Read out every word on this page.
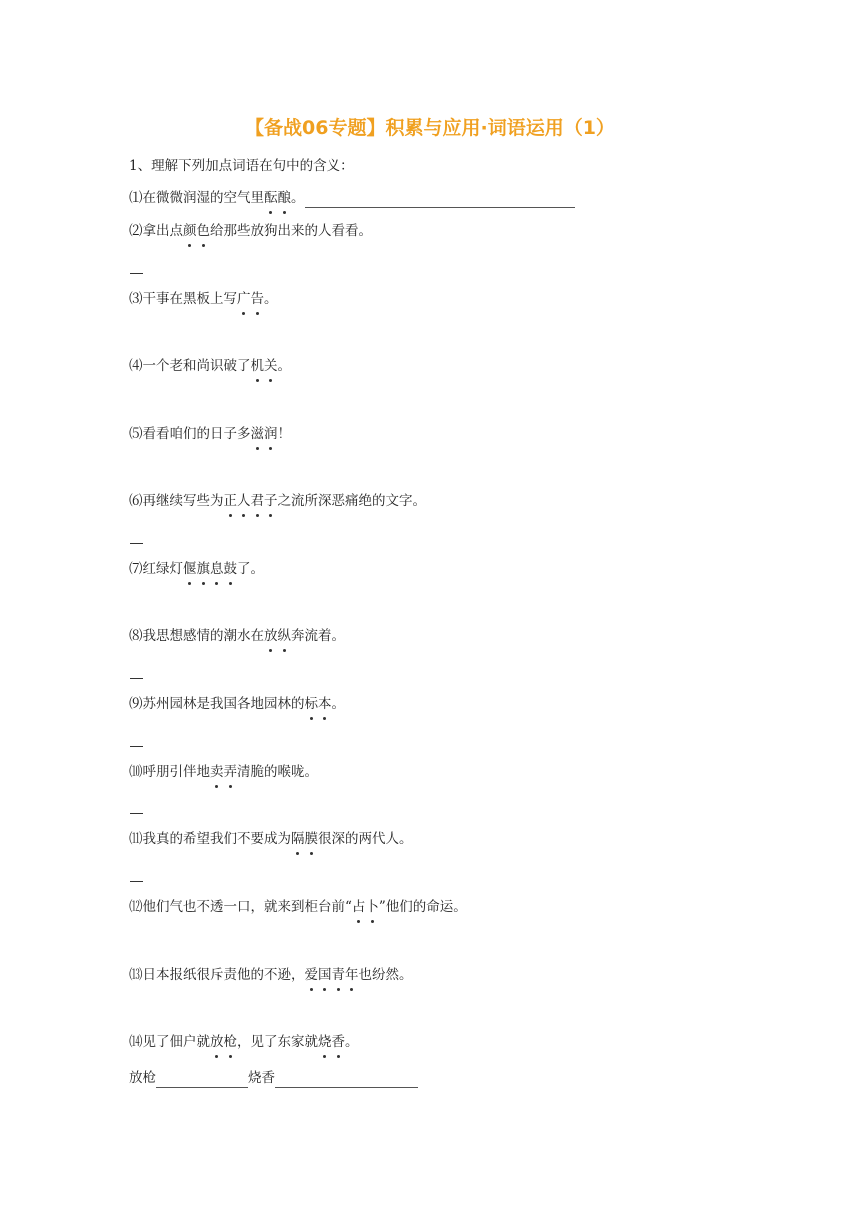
【备战06专题】积累与应用·词语运用（1）
1、理解下列加点词语在句中的含义：
⑴在微微润湿的空气里酝酿。
⑵拿出点颜色给那些放狗出来的人看看。
⑶干事在黑板上写广告。
⑷一个老和尚识破了机关。
⑸看看咱们的日子多滋润！
⑹再继续写些为正人君子之流所深恶痛绝的文字。
⑺红绿灯偃旗息鼓了。
⑻我思想感情的潮水在放纵奔流着。
⑼苏州园林是我国各地园林的标本。
⑽呼朋引伴地卖弄清脆的喉咙。
⑾我真的希望我们不要成为隔膜很深的两代人。
⑿他们气也不透一口，就来到柜台前“占卜”他们的命运。
⒀日本报纸很斥责他的不逊，爱国青年也纷然。
⒁见了佃户就放枪，见了东家就烧香。
放枪	烧香
